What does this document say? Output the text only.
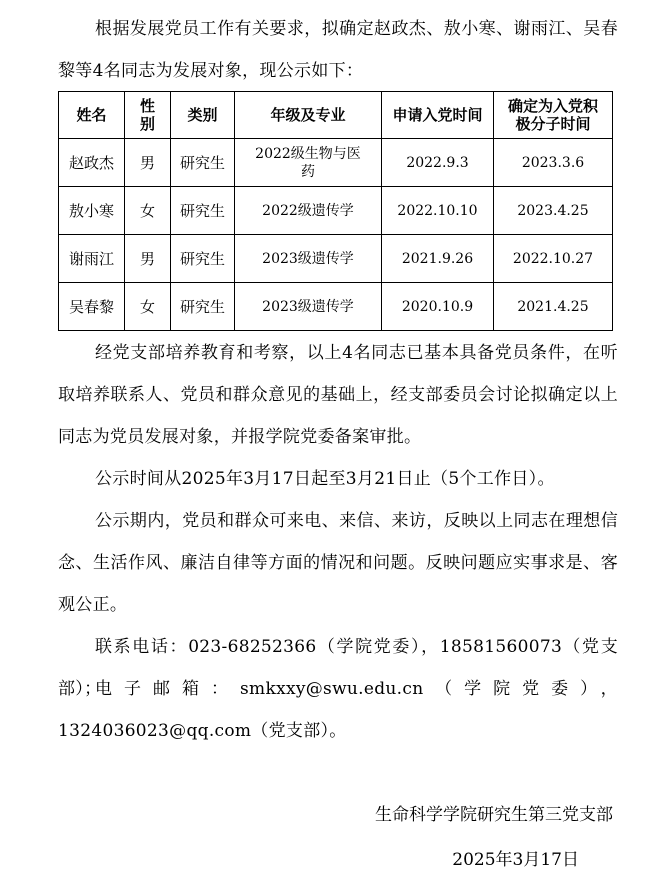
根据发展党员工作有关要求，拟确定赵政杰、敖小寒、谢雨江、吴春黎等4名同志为发展对象，现公示如下：

姓名	性别	类别	年级及专业	申请入党时间	确定为入党积极分子时间
赵政杰	男	研究生	2022级生物与医药	2022.9.3	2023.3.6
敖小寒	女	研究生	2022级遗传学	2022.10.10	2023.4.25
谢雨江	男	研究生	2023级遗传学	2021.9.26	2022.10.27
吴春黎	女	研究生	2023级遗传学	2020.10.9	2021.4.25

经党支部培养教育和考察，以上4名同志已基本具备党员条件，在听取培养联系人、党员和群众意见的基础上，经支部委员会讨论拟确定以上同志为党员发展对象，并报学院党委备案审批。

公示时间从2025年3月17日起至3月21日止（5个工作日）。

公示期内，党员和群众可来电、来信、来访，反映以上同志在理想信念、生活作风、廉洁自律等方面的情况和问题。反映问题应实事求是、客观公正。

联系电话：023-68252366（学院党委），18581560073（党支部）；

电子邮箱：smkxxy@swu.edu.cn（学院党委），1324036023@qq.com（党支部）。

生命科学学院研究生第三党支部

2025年3月17日
